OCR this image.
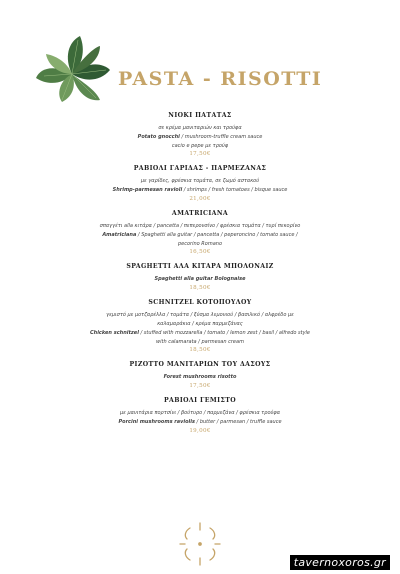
PASTA - RISOTTI
ΝΙΟΚΙ ΠΑΤΑΤΑΣ
σε κρέμα μανιταριών και τρούφα
Potato gnocchi / mushroom-truffle cream sauce
cacio e pepe με τρούφ
17,50€
ΡΑΒΙΟΛΙ ΓΑΡΙΔΑΣ - ΠΑΡΜΕΖΑΝΑΣ
με γαρίδες, φρέσκια τομάτα, σε ζωμό αστακού
Shrimp-parmesan ravioli / shrimps / fresh tomatoes / bisque sauce
21,00€
AMATRICIANA
σπαγγέτι alla κιτάρα / pancetta / πεπερονσίνο / φρέσκια τομάτα / τυρί πεκορίνο
Amatriciana / Spaghetti alla guitar / pancetta / peperoncino / tomato sauce /
pecorino Romano
16,50€
SPAGHETTI ΑΛΑ ΚΙΤΑΡΑ ΜΠΟΛΟΝΑΙΖ
Spaghetti alla guitar Bolognaise
18,50€
SCHNITZEL ΚΟΤΟΠΟΥΛΟΥ
γεμιστό με μοτζαρέλλα / τομάτα / ξύσμα λεμονιού / βασιλικό / αλφρέδο με
καλαμαράκια / κρέμα παρμεζάνας
Chicken schnitzel / stuffed with mozzarella / tomato / lemon zest / basil / alfredo style
with calamarata / parmesan cream
18,50€
ΡΙΖΟΤΤΟ ΜΑΝΙΤΑΡΙΩΝ ΤΟΥ ΔΑΣΟΥΣ
Forest mushrooms risotto
17,50€
ΡΑΒΙΟΛΙ ΓΕΜΙΣΤΟ
με μανιτάρια πορτσίνι / βούτυρο / παρμεζάνα / φρέσκια τρούφα
Porcini mushrooms raviolis / butter / parmesan / truffle sauce
19,00€
tavernoxoros.gr
